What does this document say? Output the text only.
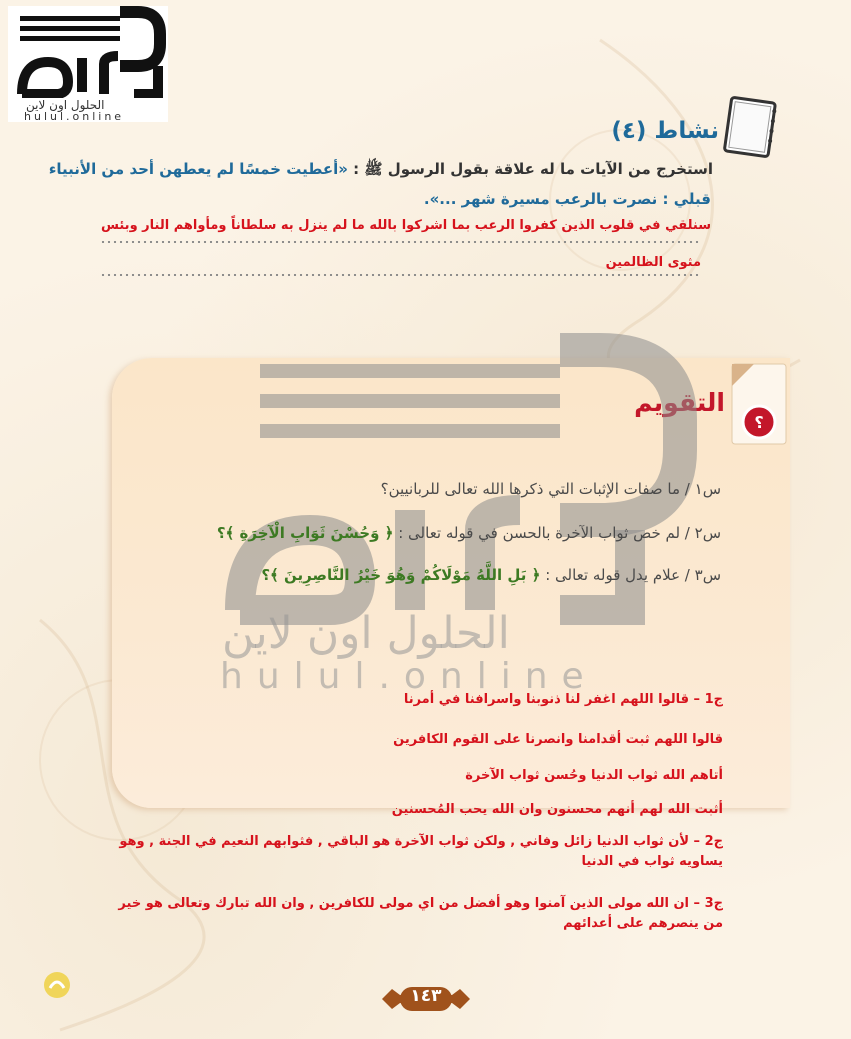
الحلول اون لاين
hulul.online
نشاط (٤)
استخرج من الآيات ما له علاقة بقول الرسول ﷺ : «أعطيت خمسًا لم يعطهن أحد من الأنبياء
قبلي : نصرت بالرعب مسيرة شهر ...».
سنلقي في قلوب الذين كفروا الرعب بما اشركوا بالله ما لم ينزل به سلطاناً ومأواهم النار وبئس
مثوى الظالمين
؟
التقويم
الحلول اون لاين
hulul.online
س١ / ما صفات الإثبات التي ذكرها الله تعالى للربانيين؟
س٢ / لم خص ثواب الآخرة بالحسن في قوله تعالى : ﴿ وَحُسْنَ ثَوَابِ الْآخِرَةِ ﴾؟
س٣ / علام يدل قوله تعالى : ﴿ بَلِ اللَّهُ مَوْلَاكُمْ وَهُوَ خَيْرُ النَّاصِرِينَ ﴾؟
ج1 – قالوا اللهم اغفر لنا ذنوبنا واسرافنا في أمرنا
قالوا اللهم ثبت أقدامنا وانصرنا على القوم الكافرين
أتاهم الله ثواب الدنيا وحُسن ثواب الآخرة
أثبت الله لهم أنهم محسنون وان الله يحب المُحسنين
ج2 – لأن ثواب الدنيا زائل وفاني , ولكن ثواب الآخرة هو الباقي , فثوابهم النعيم في الجنة , وهو يساويه ثواب في الدنيا
ج3 – ان الله مولى الذين آمنوا وهو أفضل من اي مولى للكافرين , وان الله تبارك وتعالى هو خير من ينصرهم على أعدائهم
١٤٣
